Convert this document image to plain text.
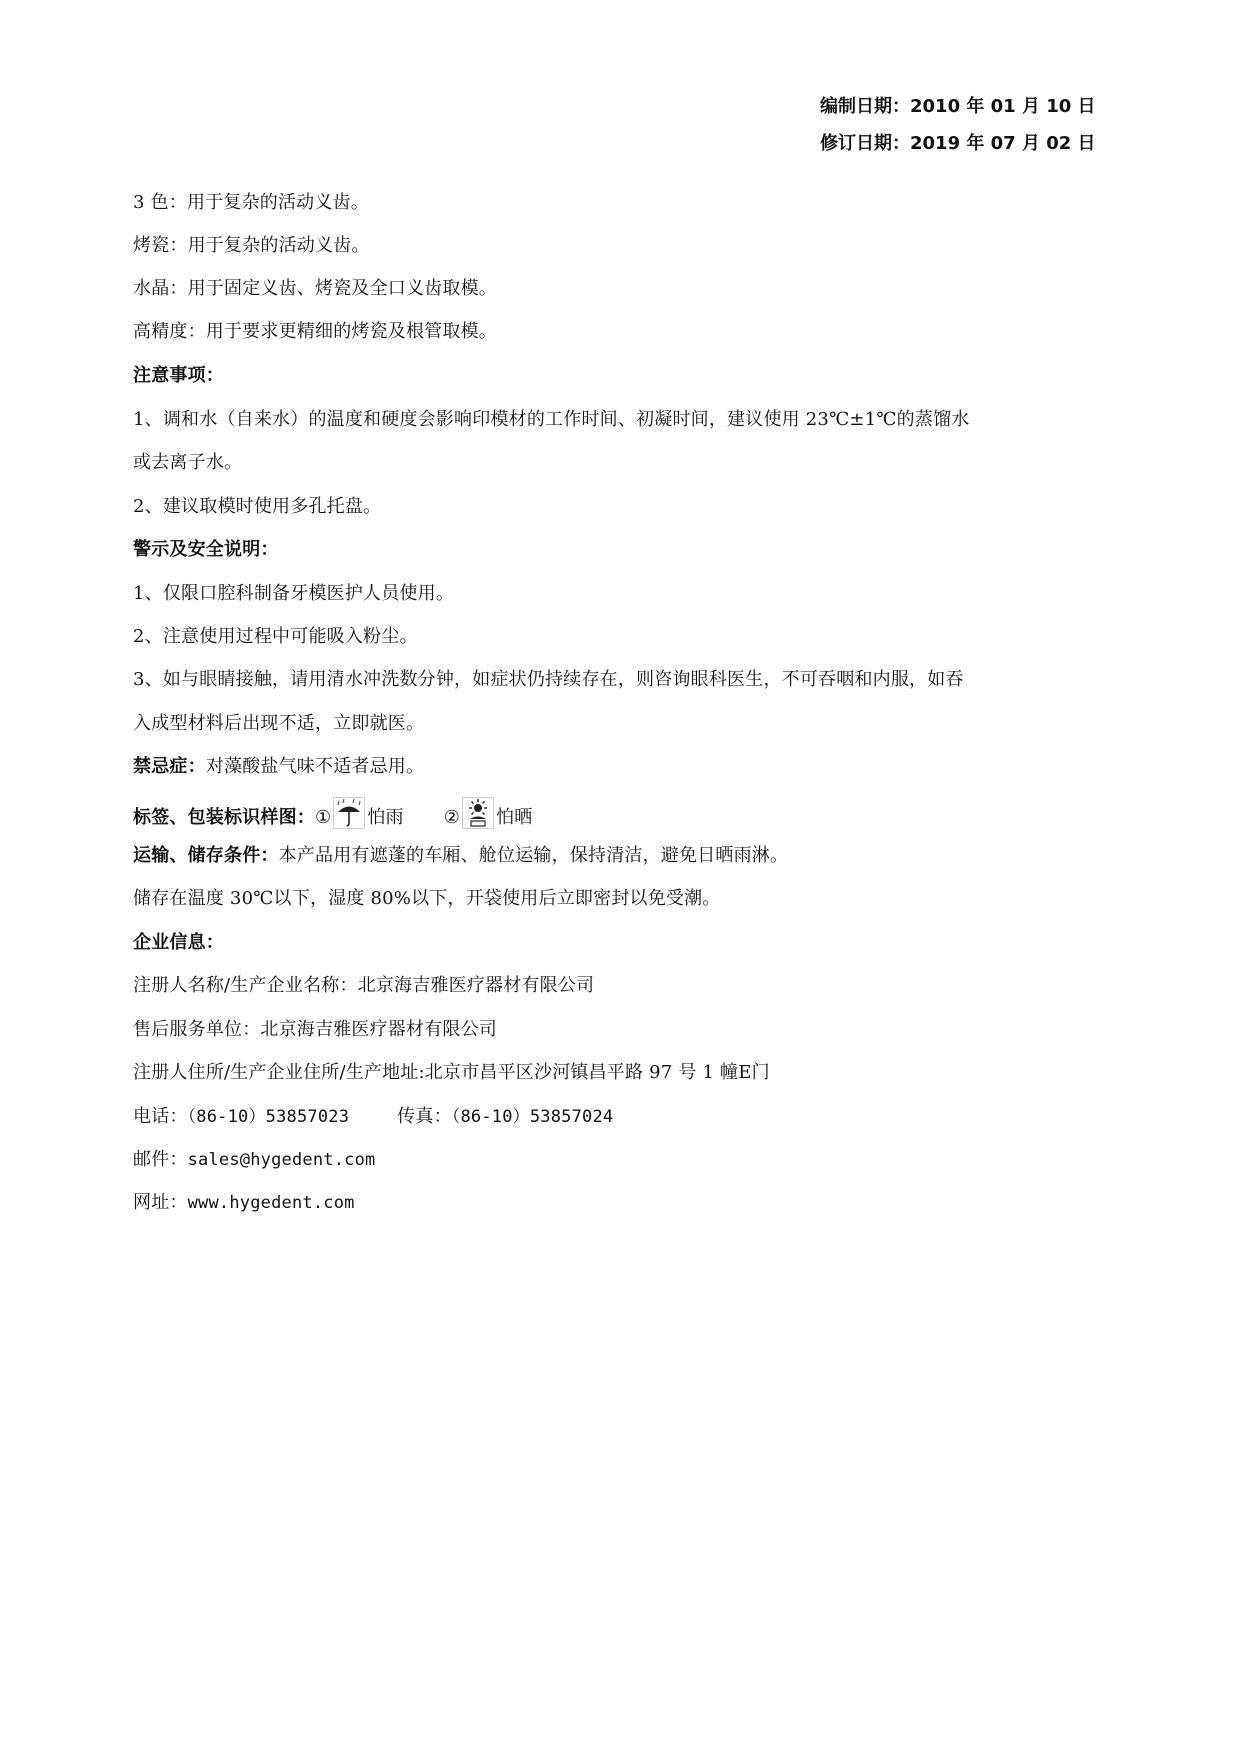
编制日期：2010 年 01 月 10 日
修订日期：2019 年 07 月 02 日
3 色：用于复杂的活动义齿。
烤瓷：用于复杂的活动义齿。
水晶：用于固定义齿、烤瓷及全口义齿取模。
高精度：用于要求更精细的烤瓷及根管取模。
注意事项：
1、调和水（自来水）的温度和硬度会影响印模材的工作时间、初凝时间，建议使用 23℃±1℃的蒸馏水
或去离子水。
2、建议取模时使用多孔托盘。
警示及安全说明：
1、仅限口腔科制备牙模医护人员使用。
2、注意使用过程中可能吸入粉尘。
3、如与眼睛接触，请用清水冲洗数分钟，如症状仍持续存在，则咨询眼科医生，不可吞咽和内服，如吞
入成型材料后出现不适，立即就医。
禁忌症：对藻酸盐气味不适者忌用。
标签、包装标识样图：① 怕雨 ② 怕晒
运输、储存条件：本产品用有遮蓬的车厢、舱位运输，保持清洁，避免日晒雨淋。
储存在温度 30℃以下，湿度 80%以下，开袋使用后立即密封以免受潮。
企业信息：
注册人名称/生产企业名称：北京海吉雅医疗器材有限公司
售后服务单位：北京海吉雅医疗器材有限公司
注册人住所/生产企业住所/生产地址:北京市昌平区沙河镇昌平路 97 号 1 幢E门
电话：（86-10）53857023	传真：（86-10）53857024
邮件：sales@hygedent.com
网址：www.hygedent.com
